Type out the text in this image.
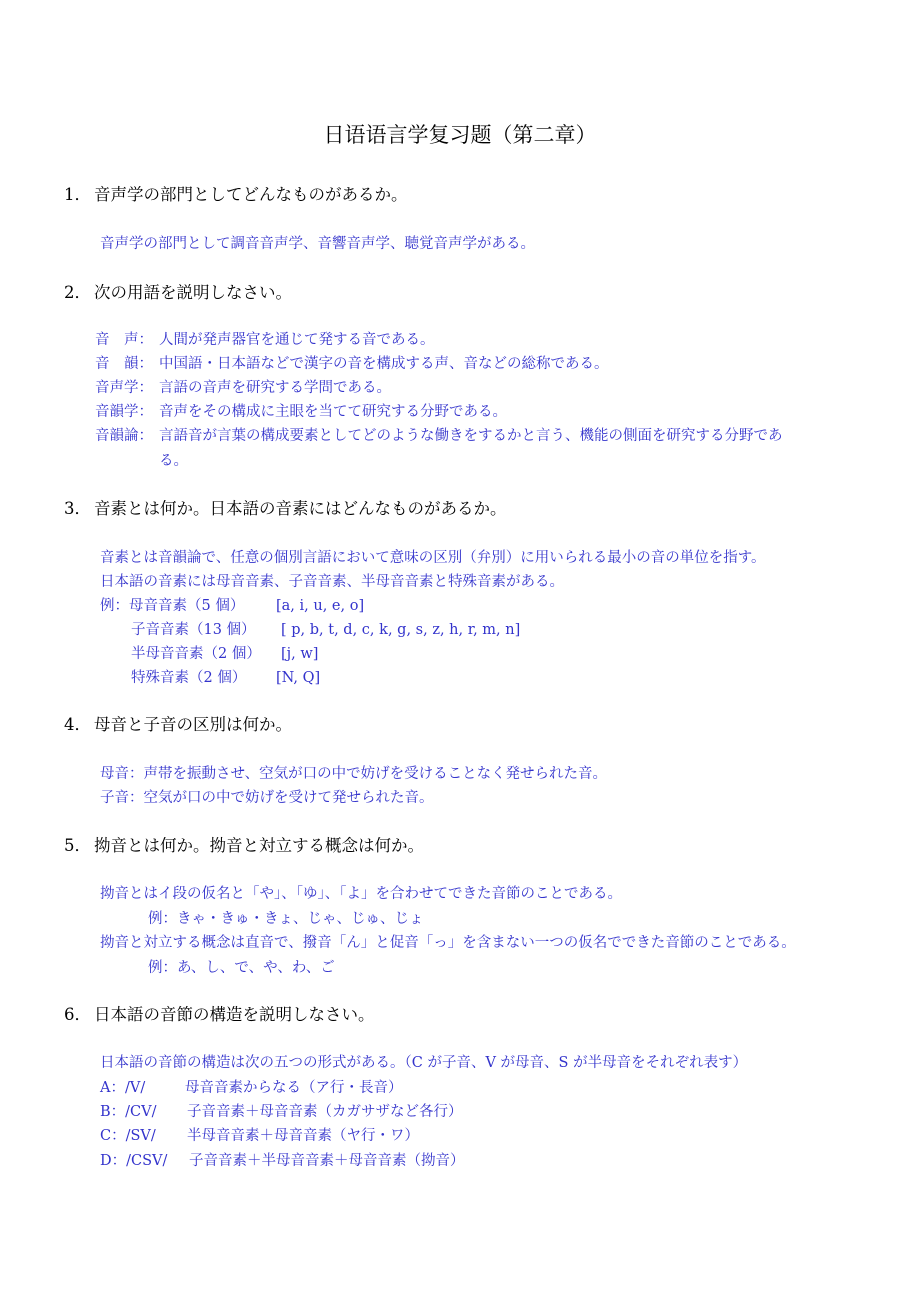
日语语言学复习题（第二章）
1． 音声学の部門としてどんなものがあるか。
音声学の部門として調音音声学、音響音声学、聴覚音声学がある。
2． 次の用語を説明しなさい。
音　声： 人間が発声器官を通じて発する音である。
音　韻： 中国語・日本語などで漢字の音を構成する声、音などの総称である。
音声学： 言語の音声を研究する学問である。
音韻学： 音声をその構成に主眼を当てて研究する分野である。
音韻論： 言語音が言葉の構成要素としてどのような働きをするかと言う、機能の側面を研究する分野であ
る。
3． 音素とは何か。日本語の音素にはどんなものがあるか。
音素とは音韻論で、任意の個別言語において意味の区別（弁別）に用いられる最小の音の単位を指す。
日本語の音素には母音音素、子音音素、半母音音素と特殊音素がある。
例：母音音素（5 個） [a, i, u, e, o]
子音音素（13 個） [ p, b, t, d, c, k, g, s, z, h, r, m, n]
半母音音素（2 個） [j, w]
特殊音素（2 個） [N, Q]
4． 母音と子音の区別は何か。
母音：声帯を振動させ、空気が口の中で妨げを受けることなく発せられた音。
子音：空気が口の中で妨げを受けて発せられた音。
5． 拗音とは何か。拗音と対立する概念は何か。
拗音とはイ段の仮名と「や」、「ゆ」、「よ」を合わせてできた音節のことである。
例：きゃ・きゅ・きょ、じゃ、じゅ、じょ
拗音と対立する概念は直音で、撥音「ん」と促音「っ」を含まない一つの仮名でできた音節のことである。
例：あ、し、で、や、わ、ご
6． 日本語の音節の構造を説明しなさい。
日本語の音節の構造は次の五つの形式がある。（C が子音、V が母音、S が半母音をそれぞれ表す）
A：/V/	母音音素からなる（ア行・長音）
B：/CV/ 子音音素＋母音音素（カガサザなど各行）
C：/SV/ 半母音音素＋母音音素（ヤ行・ワ）
D：/CSV/ 子音音素＋半母音音素＋母音音素（拗音）
